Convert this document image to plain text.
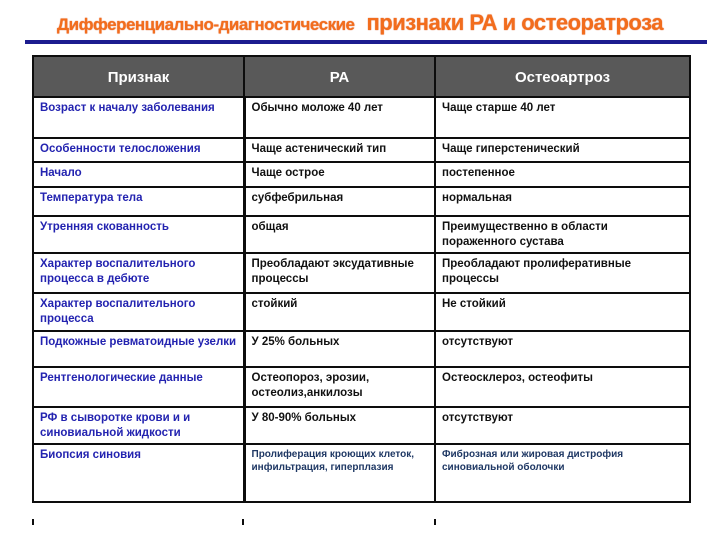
Дифференциально-диагностические признаки РА и остеоратроза
Признак	РА	Остеоартроз
Возраст к началу заболевания	Обычно моложе 40 лет	Чаще старше 40 лет
Особенности телосложения	Чаще астенический тип	Чаще гиперстенический
Начало	Чаще острое	постепенное
Температура тела	субфебрильная	нормальная
Утренняя скованность	общая	Преимущественно в области пораженного сустава
Характер воспалительного процесса в дебюте	Преобладают эксудативные процессы	Преобладают пролиферативные процессы
Характер воспалительного процесса	стойкий	Не стойкий
Подкожные ревматоидные узелки	У 25% больных	отсутствуют
Рентгенологические данные	Остеопороз, эрозии, остеолиз,анкилозы	Остеосклероз, остеофиты
РФ в сыворотке крови и и синовиальной жидкости	У 80-90% больных	отсутствуют
Биопсия синовия	Пролиферация кроющих клеток, инфильтрация, гиперплазия	Фиброзная или жировая дистрофия синовиальной оболочки
